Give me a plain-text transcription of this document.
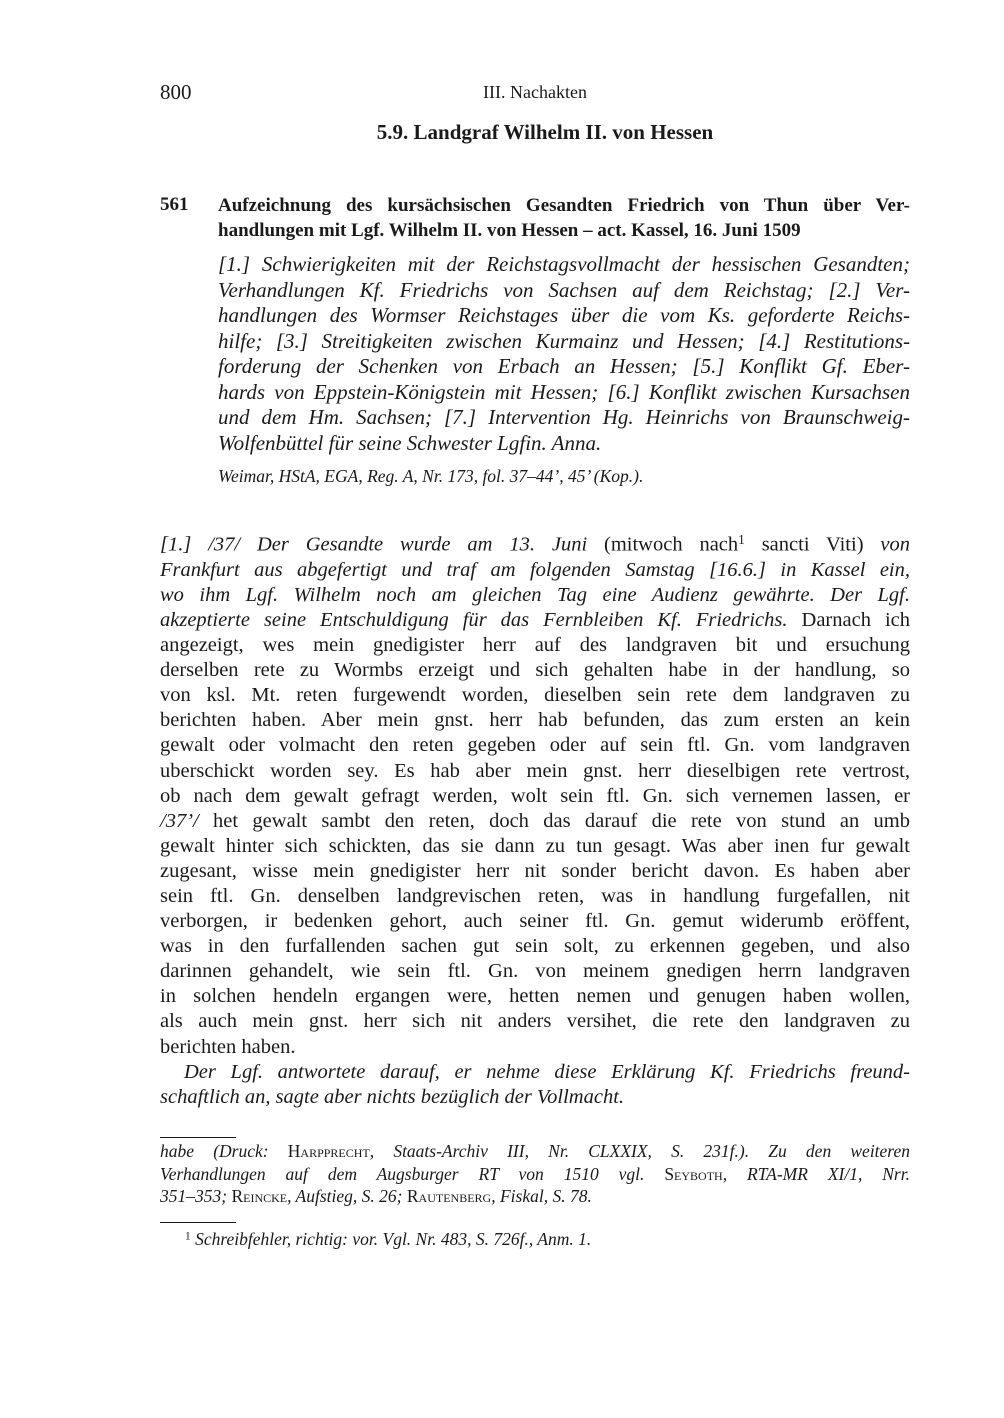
800	III. Nachakten
5.9. Landgraf Wilhelm II. von Hessen
561 Aufzeichnung des kursächsischen Gesandten Friedrich von Thun über Ver-
handlungen mit Lgf. Wilhelm II. von Hessen – act. Kassel, 16. Juni 1509
[1.] Schwierigkeiten mit der Reichstagsvollmacht der hessischen Gesandten;
Verhandlungen Kf. Friedrichs von Sachsen auf dem Reichstag; [2.] Ver-
handlungen des Wormser Reichstages über die vom Ks. geforderte Reichs-
hilfe; [3.] Streitigkeiten zwischen Kurmainz und Hessen; [4.] Restitutions-
forderung der Schenken von Erbach an Hessen; [5.] Konflikt Gf. Eber-
hards von Eppstein-Königstein mit Hessen; [6.] Konflikt zwischen Kursachsen
und dem Hm. Sachsen; [7.] Intervention Hg. Heinrichs von Braunschweig-
Wolfenbüttel für seine Schwester Lgfin. Anna.
Weimar, HStA, EGA, Reg. A, Nr. 173, fol. 37–44’, 45’ (Kop.).
[1.] /37/ Der Gesandte wurde am 13. Juni (mitwoch nach$^1$ sancti Viti) von
Frankfurt aus abgefertigt und traf am folgenden Samstag [16.6.] in Kassel ein,
wo ihm Lgf. Wilhelm noch am gleichen Tag eine Audienz gewährte. Der Lgf.
akzeptierte seine Entschuldigung für das Fernbleiben Kf. Friedrichs. Darnach ich
angezeigt, wes mein gnedigister herr auf des landgraven bit und ersuchung
derselben rete zu Wormbs erzeigt und sich gehalten habe in der handlung, so
von ksl. Mt. reten furgewendt worden, dieselben sein rete dem landgraven zu
berichten haben. Aber mein gnst. herr hab befunden, das zum ersten an kein
gewalt oder volmacht den reten gegeben oder auf sein ftl. Gn. vom landgraven
uberschickt worden sey. Es hab aber mein gnst. herr dieselbigen rete vertrost,
ob nach dem gewalt gefragt werden, wolt sein ftl. Gn. sich vernemen lassen, er
/37’/ het gewalt sambt den reten, doch das darauf die rete von stund an umb
gewalt hinter sich schickten, das sie dann zu tun gesagt. Was aber inen fur gewalt
zugesant, wisse mein gnedigister herr nit sonder bericht davon. Es haben aber
sein ftl. Gn. denselben landgrevischen reten, was in handlung furgefallen, nit
verborgen, ir bedenken gehort, auch seiner ftl. Gn. gemut widerumb eröffent,
was in den furfallenden sachen gut sein solt, zu erkennen gegeben, und also
darinnen gehandelt, wie sein ftl. Gn. von meinem gnedigen herrn landgraven
in solchen hendeln ergangen were, hetten nemen und genugen haben wollen,
als auch mein gnst. herr sich nit anders versihet, die rete den landgraven zu
berichten haben.
Der Lgf. antwortete darauf, er nehme diese Erklärung Kf. Friedrichs freund-
schaftlich an, sagte aber nichts bezüglich der Vollmacht.
habe (Druck: Harpprecht, Staats-Archiv III, Nr. CLXXIX, S. 231f.). Zu den weiteren
Verhandlungen auf dem Augsburger RT von 1510 vgl. Seyboth, RTA-MR XI/1, Nrr.
351–353; Reincke, Aufstieg, S. 26; Rautenberg, Fiskal, S. 78.
$^1$ Schreibfehler, richtig: vor. Vgl. Nr. 483, S. 726f., Anm. 1.
